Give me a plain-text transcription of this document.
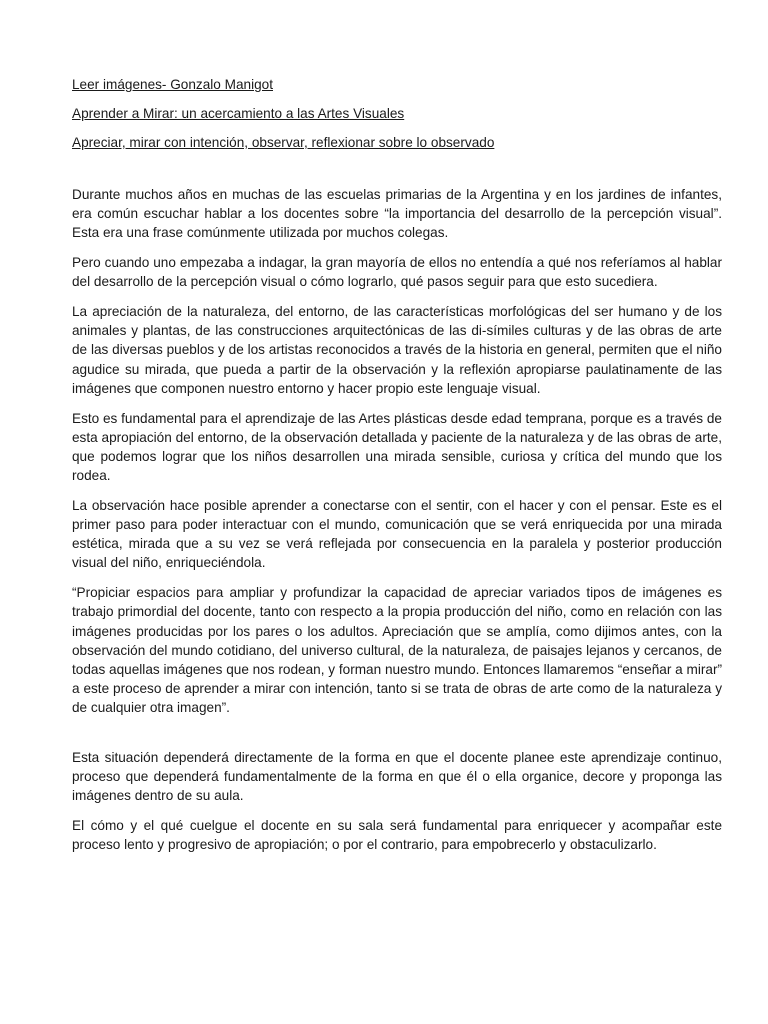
Leer imágenes- Gonzalo Manigot
Aprender a Mirar: un acercamiento a las Artes Visuales
Apreciar, mirar con intención, observar, reflexionar sobre lo observado

Durante muchos años en muchas de las escuelas primarias de la Argentina y en los jardines de infantes, era común escuchar hablar a los docentes sobre “la importancia del desarrollo de la percepción visual”. Esta era una frase comúnmente utilizada por muchos colegas.

Pero cuando uno empezaba a indagar, la gran mayoría de ellos no entendía a qué nos referíamos al hablar del desarrollo de la percepción visual o cómo lograrlo, qué pasos seguir para que esto sucediera.

La apreciación de la naturaleza, del entorno, de las características morfológicas del ser humano y de los animales y plantas, de las construcciones arquitectónicas de las di-símiles culturas y de las obras de arte de las diversas pueblos y de los artistas reconocidos a través de la historia en general, permiten que el niño agudice su mirada, que pueda a partir de la observación y la reflexión apropiarse paulatinamente de las imágenes que componen nuestro entorno y hacer propio este lenguaje visual.

Esto es fundamental para el aprendizaje de las Artes plásticas desde edad temprana, porque es a través de esta apropiación del entorno, de la observación detallada y paciente de la naturaleza y de las obras de arte, que podemos lograr que los niños desarrollen una mirada sensible, curiosa y crítica del mundo que los rodea.

La observación hace posible aprender a conectarse con el sentir, con el hacer y con el pensar. Este es el primer paso para poder interactuar con el mundo, comunicación que se verá enriquecida por una mirada estética, mirada que a su vez se verá reflejada por consecuencia en la paralela y posterior producción visual del niño, enriqueciéndola.

“Propiciar espacios para ampliar y profundizar la capacidad de apreciar variados tipos de imágenes es trabajo primordial del docente, tanto con respecto a la propia producción del niño, como en relación con las imágenes producidas por los pares o los adultos. Apreciación que se amplía, como dijimos antes, con la observación del mundo cotidiano, del universo cultural, de la naturaleza, de paisajes lejanos y cercanos, de todas aquellas imágenes que nos rodean, y forman nuestro mundo. Entonces llamaremos “enseñar a mirar” a este proceso de aprender a mirar con intención, tanto si se trata de obras de arte como de la naturaleza y de cualquier otra imagen”.

Esta situación dependerá directamente de la forma en que el docente planee este aprendizaje continuo, proceso que dependerá fundamentalmente de la forma en que él o ella organice, decore y proponga las imágenes dentro de su aula.

El cómo y el qué cuelgue el docente en su sala será fundamental para enriquecer y acompañar este proceso lento y progresivo de apropiación; o por el contrario, para empobrecerlo y obstaculizarlo.
